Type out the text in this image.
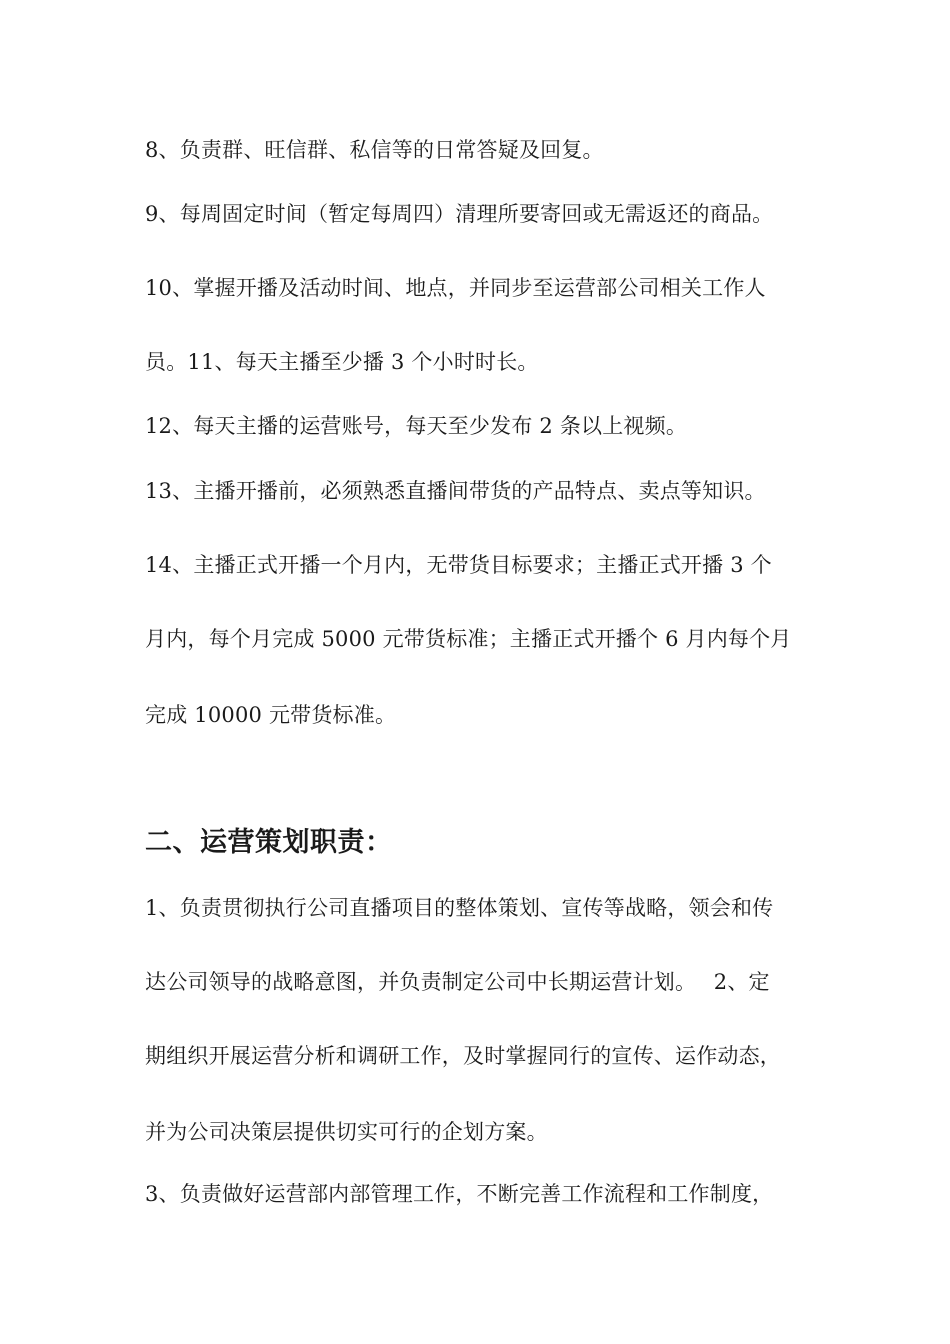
8、负责群、旺信群、私信等的日常答疑及回复。
9、每周固定时间（暂定每周四）清理所要寄回或无需返还的商品。
10、掌握开播及活动时间、地点，并同步至运营部公司相关工作人
员。11、每天主播至少播 3 个小时时长。
12、每天主播的运营账号，每天至少发布 2 条以上视频。
13、主播开播前，必须熟悉直播间带货的产品特点、卖点等知识。
14、主播正式开播一个月内，无带货目标要求；主播正式开播 3 个
月内，每个月完成 5000 元带货标准；主播正式开播个 6 月内每个月
完成 10000 元带货标准。
二、运营策划职责：
1、负责贯彻执行公司直播项目的整体策划、宣传等战略，领会和传
达公司领导的战略意图，并负责制定公司中长期运营计划。　 2、定
期组织开展运营分析和调研工作，及时掌握同行的宣传、运作动态，
并为公司决策层提供切实可行的企划方案。
3、负责做好运营部内部管理工作，不断完善工作流程和工作制度，
